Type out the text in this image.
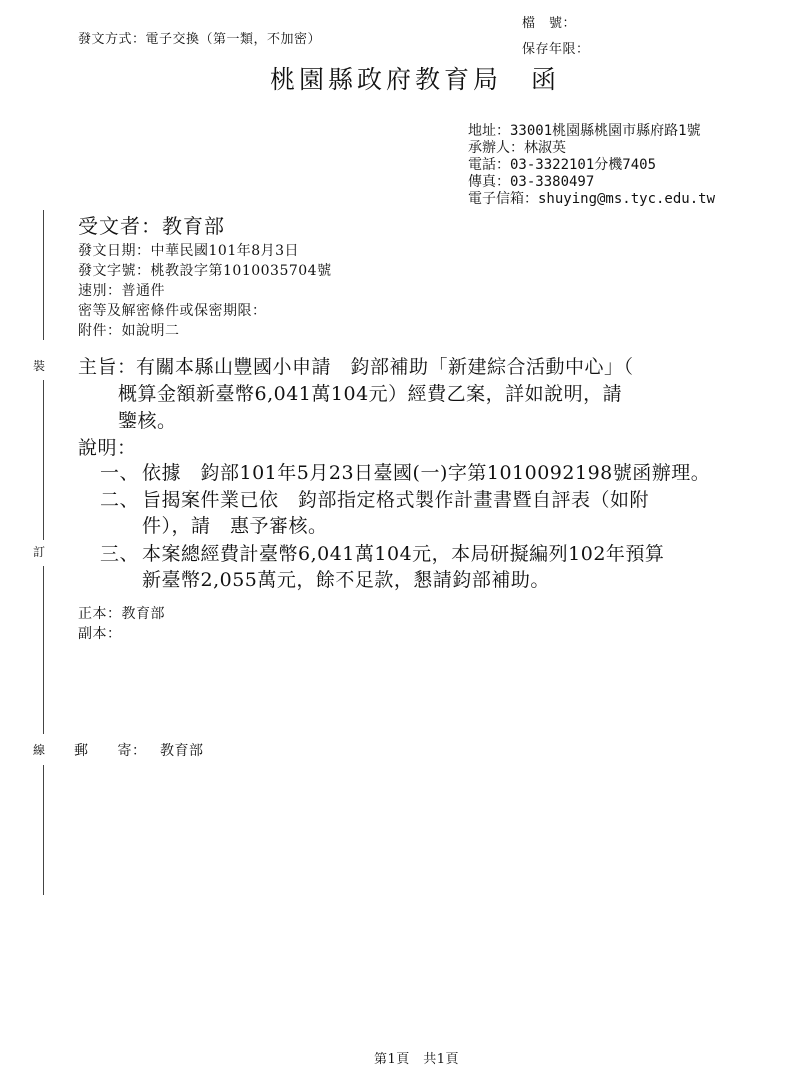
裝
訂
線
發文方式：電子交換（第一類，不加密）
檔　號：
保存年限：
桃園縣政府教育局　函
地址：33001桃園縣桃園市縣府路1號
承辦人：林淑英
電話：03-3322101分機7405
傳真：03-3380497
電子信箱：shuying@ms.tyc.edu.tw
受文者：教育部
發文日期：中華民國101年8月3日
發文字號：桃教設字第1010035704號
速別：普通件
密等及解密條件或保密期限：
附件：如說明二
主旨： 有關本縣山豐國小申請　鈞部補助「新建綜合活動中心」（
概算金額新臺幣6,041萬104元）經費乙案，詳如說明，請
鑒核。
說明：
一、 依據　鈞部101年5月23日臺國(一)字第1010092198號函辦理。
二、 旨揭案件業已依　鈞部指定格式製作計畫書暨自評表（如附
件），請　惠予審核。
三、 本案總經費計臺幣6,041萬104元，本局研擬編列102年預算
新臺幣2,055萬元，餘不足款，懇請鈞部補助。
正本：教育部
副本：
郵　　寄： 教育部
第1頁　共1頁
